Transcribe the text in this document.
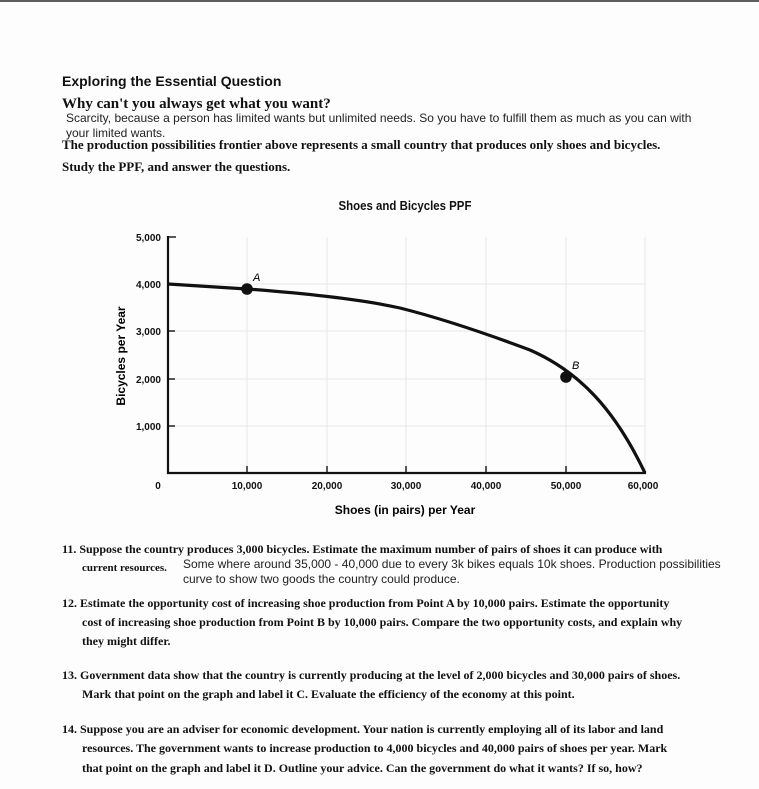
Exploring the Essential Question
Why can't you always get what you want?
Scarcity, because a person has limited wants but unlimited needs. So you have to fulfill them as much as you can with
your limited wants.
The production possibilities frontier above represents a small country that produces only shoes and bicycles.
Study the PPF, and answer the questions.
Shoes and Bicycles PPF
A
B
5,000
4,000
3,000
2,000
1,000
0	10,000	20,000	30,000	40,000	50,000	60,000
Shoes (in pairs) per Year
Bicycles per Year
11. Suppose the country produces 3,000 bicycles. Estimate the maximum number of pairs of shoes it can produce with
current resources. Some where around 35,000 - 40,000 due to every 3k bikes equals 10k shoes. Production possibilities
curve to show two goods the country could produce.
12. Estimate the opportunity cost of increasing shoe production from Point A by 10,000 pairs. Estimate the opportunity
cost of increasing shoe production from Point B by 10,000 pairs. Compare the two opportunity costs, and explain why
they might differ.
13. Government data show that the country is currently producing at the level of 2,000 bicycles and 30,000 pairs of shoes.
Mark that point on the graph and label it C. Evaluate the efficiency of the economy at this point.
14. Suppose you are an adviser for economic development. Your nation is currently employing all of its labor and land
resources. The government wants to increase production to 4,000 bicycles and 40,000 pairs of shoes per year. Mark
that point on the graph and label it D. Outline your advice. Can the government do what it wants? If so, how?
